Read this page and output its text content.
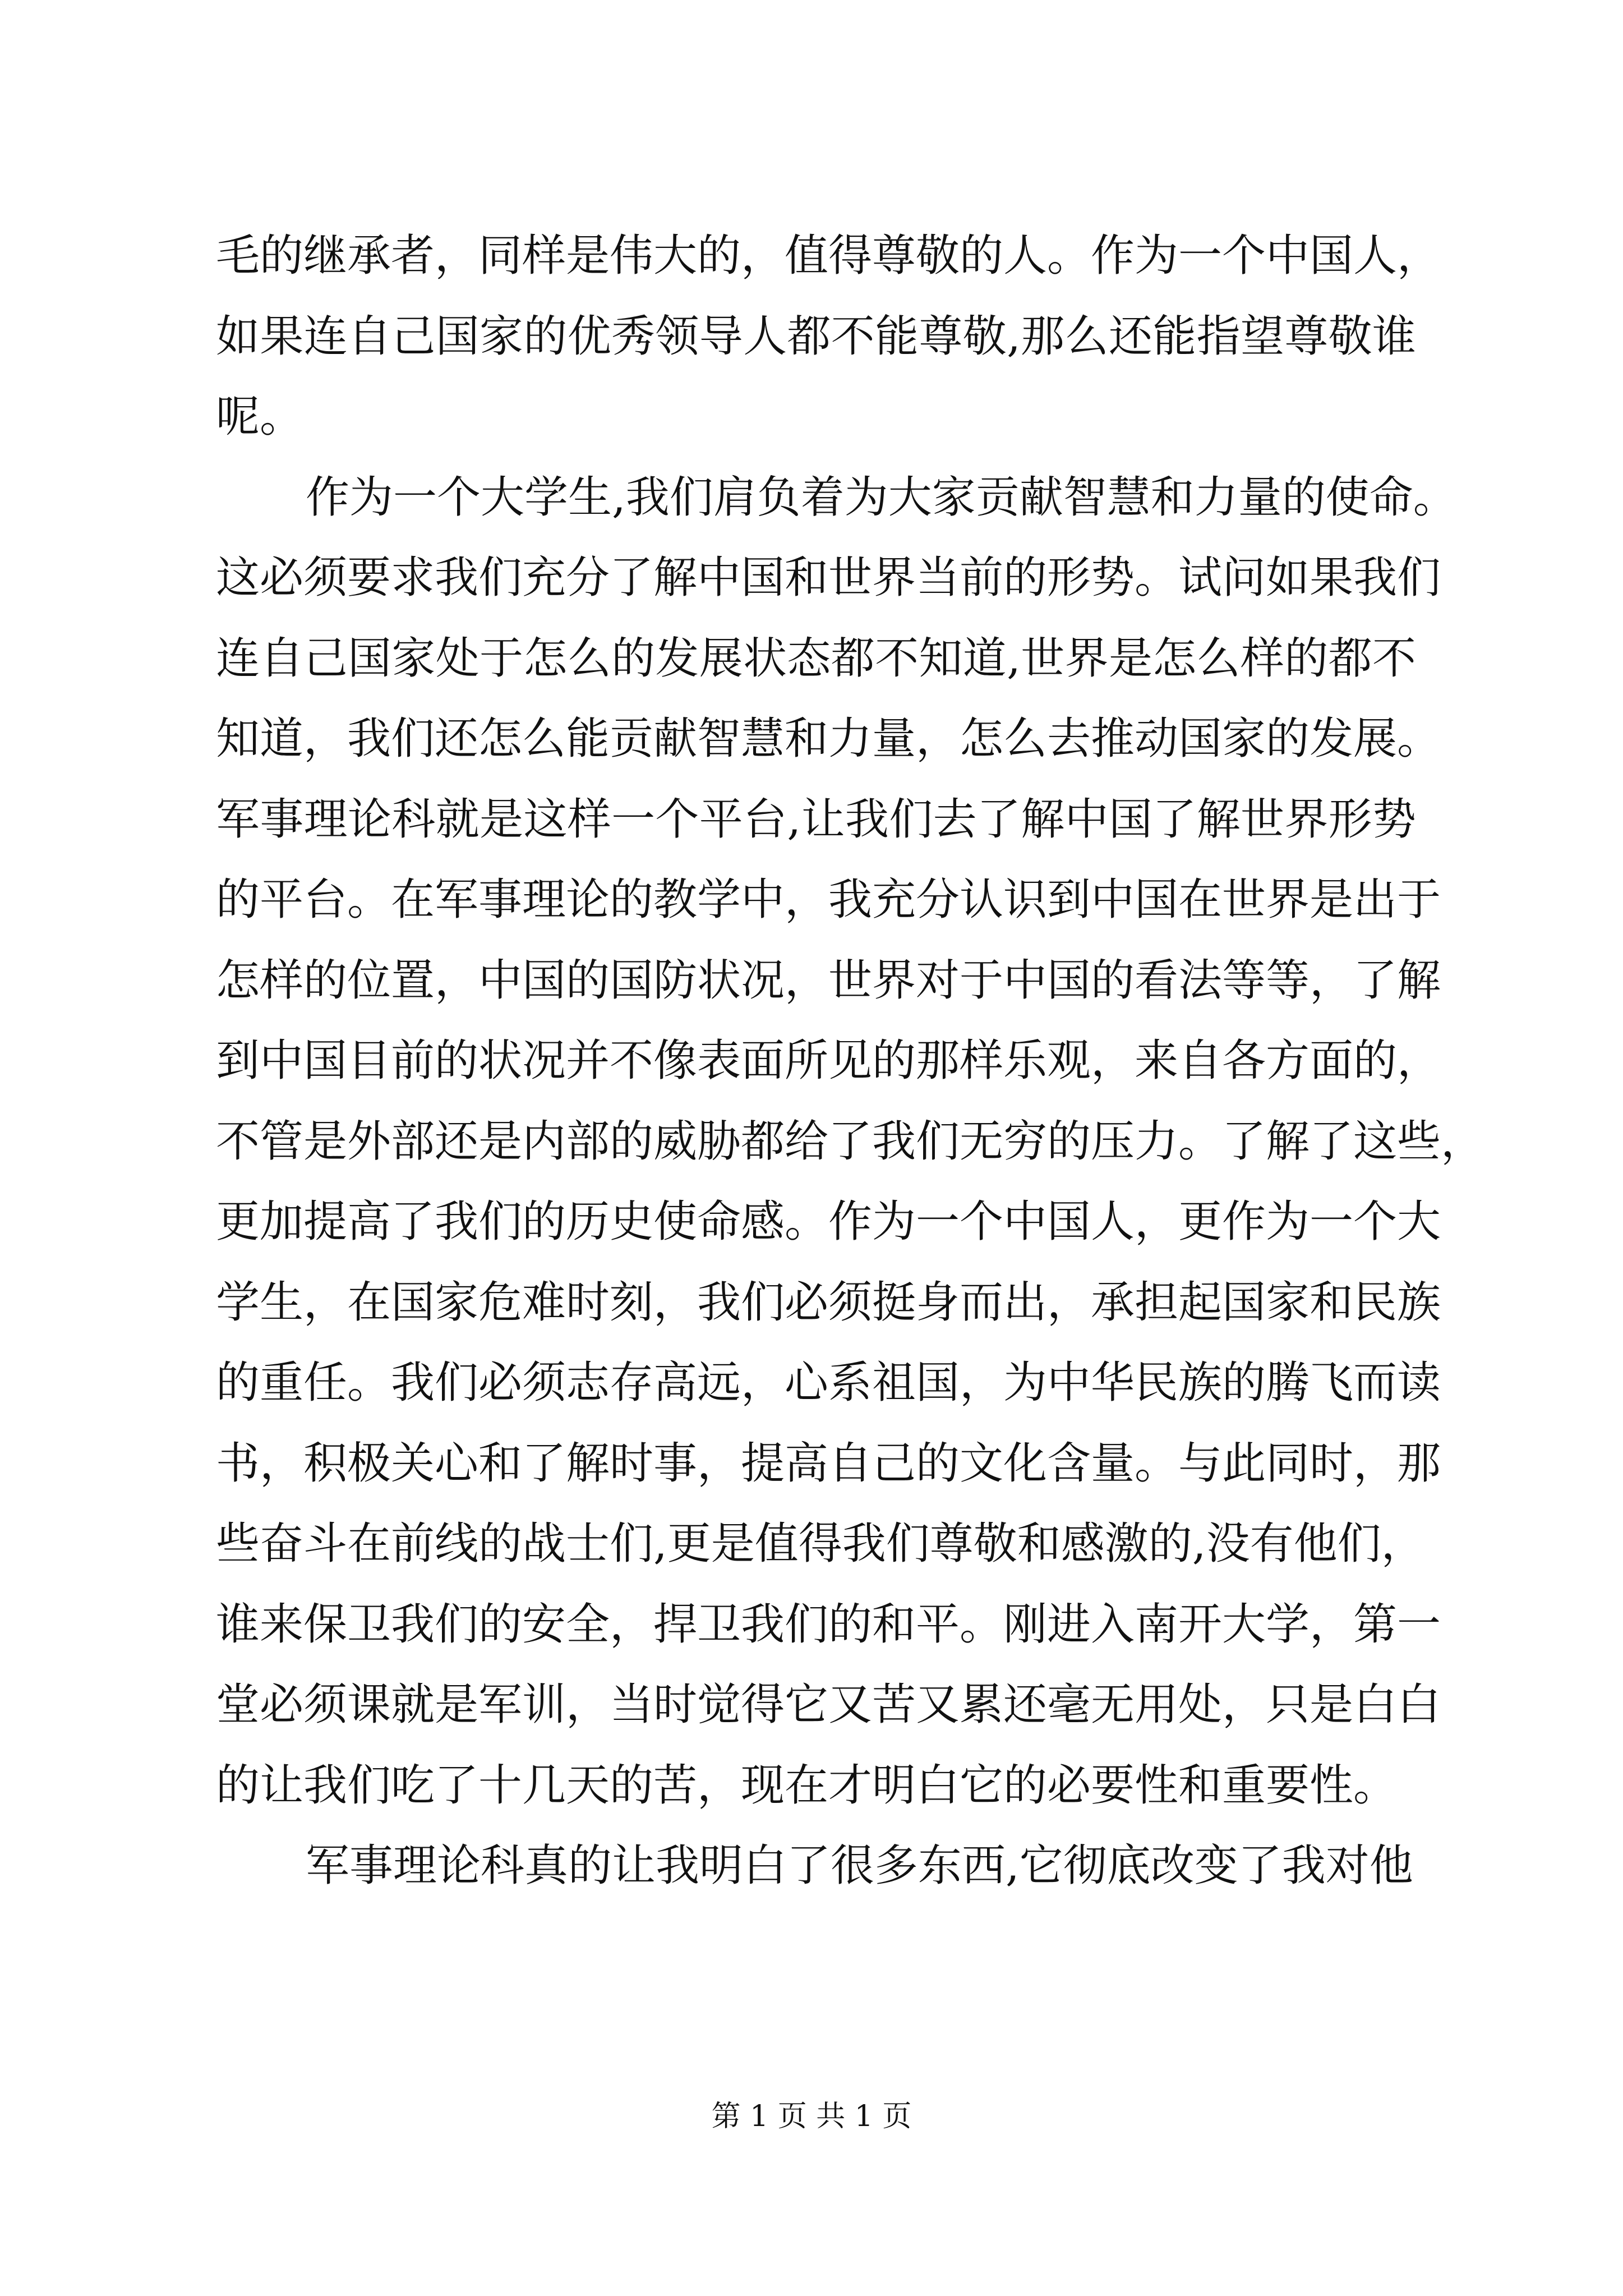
毛的继承者，同样是伟大的，值得尊敬的人。作为一个中国人，
如果连自己国家的优秀领导人都不能尊敬,那么还能指望尊敬谁
呢。
作为一个大学生,我们肩负着为大家贡献智慧和力量的使命。
这必须要求我们充分了解中国和世界当前的形势。试问如果我们
连自己国家处于怎么的发展状态都不知道,世界是怎么样的都不
知道，我们还怎么能贡献智慧和力量，怎么去推动国家的发展。
军事理论科就是这样一个平台,让我们去了解中国了解世界形势
的平台。在军事理论的教学中，我充分认识到中国在世界是出于
怎样的位置，中国的国防状况，世界对于中国的看法等等，了解
到中国目前的状况并不像表面所见的那样乐观，来自各方面的，
不管是外部还是内部的威胁都给了我们无穷的压力。了解了这些，
更加提高了我们的历史使命感。作为一个中国人，更作为一个大
学生，在国家危难时刻，我们必须挺身而出，承担起国家和民族
的重任。我们必须志存高远，心系祖国，为中华民族的腾飞而读
书，积极关心和了解时事，提高自己的文化含量。与此同时，那
些奋斗在前线的战士们,更是值得我们尊敬和感激的,没有他们，
谁来保卫我们的安全，捍卫我们的和平。刚进入南开大学，第一
堂必须课就是军训，当时觉得它又苦又累还毫无用处，只是白白
的让我们吃了十几天的苦，现在才明白它的必要性和重要性。
军事理论科真的让我明白了很多东西,它彻底改变了我对他
第 1 页 共 1 页
